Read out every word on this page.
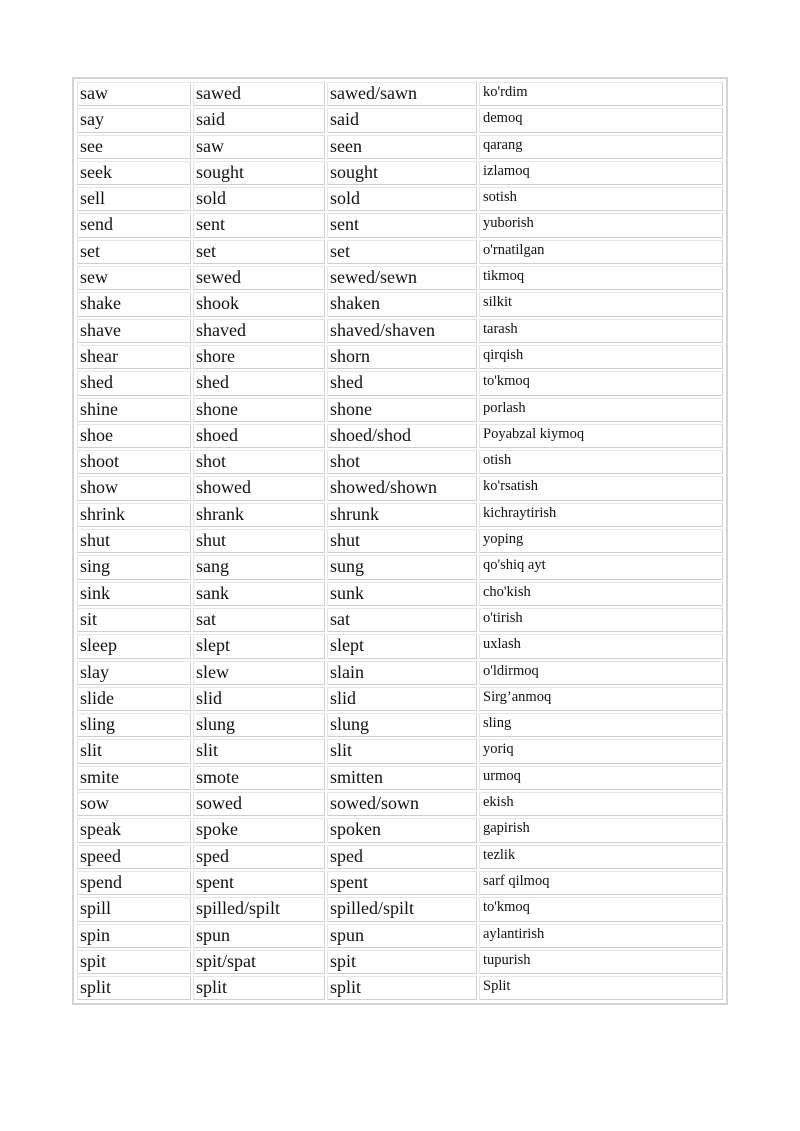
saw	sawed	sawed/sawn	ko'rdim
say	said	said	demoq
see	saw	seen	qarang
seek	sought	sought	izlamoq
sell	sold	sold	sotish
send	sent	sent	yuborish
set	set	set	o'rnatilgan
sew	sewed	sewed/sewn	tikmoq
shake	shook	shaken	silkit
shave	shaved	shaved/shaven	tarash
shear	shore	shorn	qirqish
shed	shed	shed	to'kmoq
shine	shone	shone	porlash
shoe	shoed	shoed/shod	Poyabzal kiymoq
shoot	shot	shot	otish
show	showed	showed/shown	ko'rsatish
shrink	shrank	shrunk	kichraytirish
shut	shut	shut	yoping
sing	sang	sung	qo'shiq ayt
sink	sank	sunk	cho'kish
sit	sat	sat	o'tirish
sleep	slept	slept	uxlash
slay	slew	slain	o'ldirmoq
slide	slid	slid	Sirg’anmoq
sling	slung	slung	sling
slit	slit	slit	yoriq
smite	smote	smitten	urmoq
sow	sowed	sowed/sown	ekish
speak	spoke	spoken	gapirish
speed	sped	sped	tezlik
spend	spent	spent	sarf qilmoq
spill	spilled/spilt	spilled/spilt	to'kmoq
spin	spun	spun	aylantirish
spit	spit/spat	spit	tupurish
split	split	split	Split
